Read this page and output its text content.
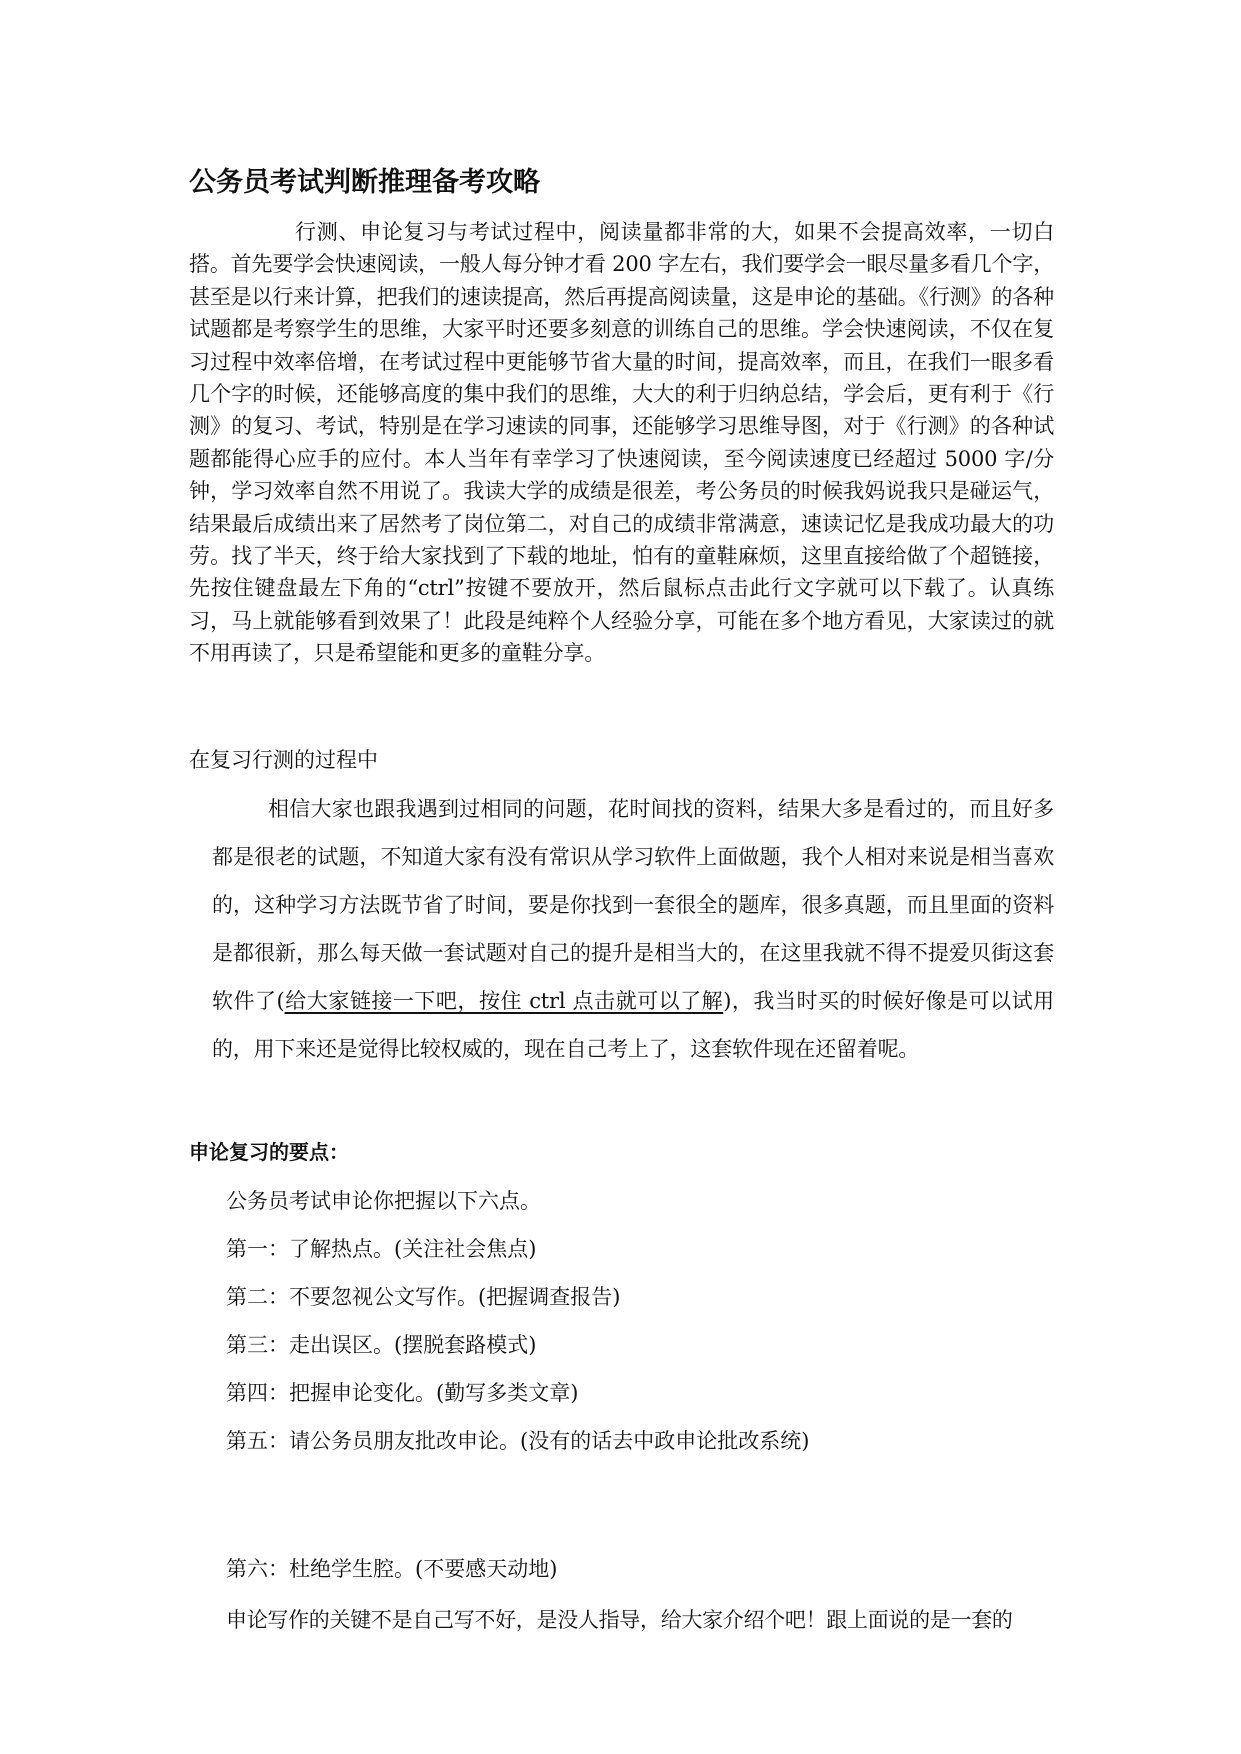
公务员考试判断推理备考攻略

行测、申论复习与考试过程中，阅读量都非常的大，如果不会提高效率，一切白搭。首先要学会快速阅读，一般人每分钟才看 200 字左右，我们要学会一眼尽量多看几个字，甚至是以行来计算，把我们的速读提高，然后再提高阅读量，这是申论的基础。《行测》的各种试题都是考察学生的思维，大家平时还要多刻意的训练自己的思维。学会快速阅读，不仅在复习过程中效率倍增，在考试过程中更能够节省大量的时间，提高效率，而且，在我们一眼多看几个字的时候，还能够高度的集中我们的思维，大大的利于归纳总结，学会后，更有利于《行测》的复习、考试，特别是在学习速读的同事，还能够学习思维导图，对于《行测》的各种试题都能得心应手的应付。本人当年有幸学习了快速阅读，至今阅读速度已经超过 5000 字/分钟，学习效率自然不用说了。我读大学的成绩是很差，考公务员的时候我妈说我只是碰运气，结果最后成绩出来了居然考了岗位第二，对自己的成绩非常满意，速读记忆是我成功最大的功劳。找了半天，终于给大家找到了下载的地址，怕有的童鞋麻烦，这里直接给做了个超链接，先按住键盘最左下角的“ctrl”按键不要放开，然后鼠标点击此行文字就可以下载了。认真练习，马上就能够看到效果了！此段是纯粹个人经验分享，可能在多个地方看见，大家读过的就不用再读了，只是希望能和更多的童鞋分享。

在复习行测的过程中

相信大家也跟我遇到过相同的问题，花时间找的资料，结果大多是看过的，而且好多都是很老的试题，不知道大家有没有常识从学习软件上面做题，我个人相对来说是相当喜欢的，这种学习方法既节省了时间，要是你找到一套很全的题库，很多真题，而且里面的资料是都很新，那么每天做一套试题对自己的提升是相当大的，在这里我就不得不提爱贝街这套软件了(给大家链接一下吧，按住 ctrl 点击就可以了解)，我当时买的时候好像是可以试用的，用下来还是觉得比较权威的，现在自己考上了，这套软件现在还留着呢。

申论复习的要点：

公务员考试申论你把握以下六点。

第一：了解热点。(关注社会焦点)

第二：不要忽视公文写作。(把握调查报告)

第三：走出误区。(摆脱套路模式)

第四：把握申论变化。(勤写多类文章)

第五：请公务员朋友批改申论。(没有的话去中政申论批改系统)

第六：杜绝学生腔。(不要感天动地)

申论写作的关键不是自己写不好，是没人指导，给大家介绍个吧！跟上面说的是一套的
